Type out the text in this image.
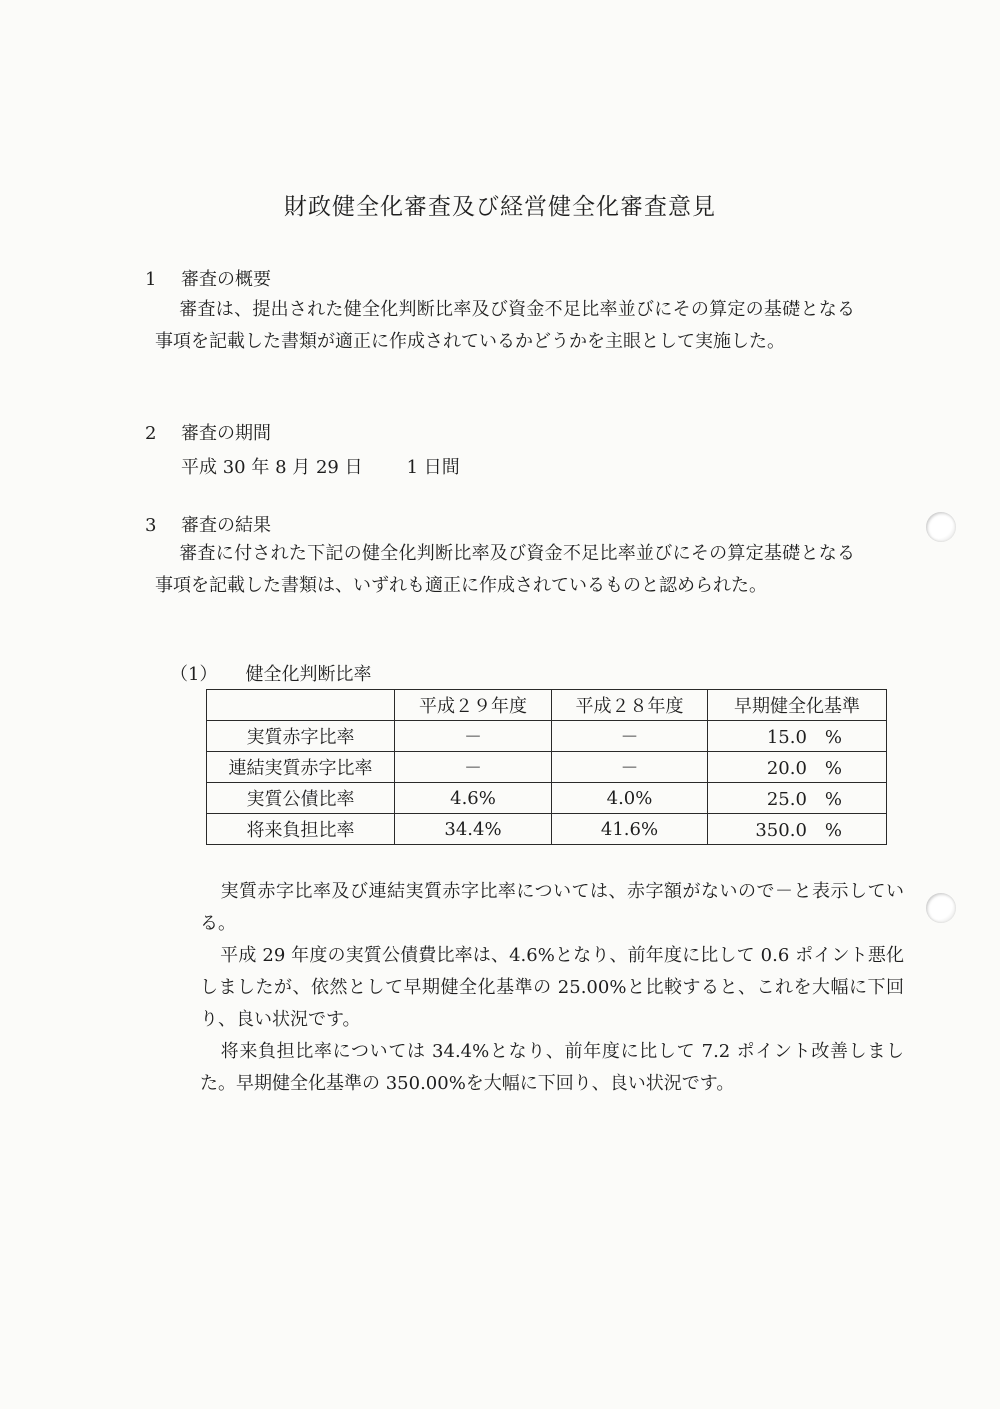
財政健全化審査及び経営健全化審査意見
1 審査の概要
審査は、提出された健全化判断比率及び資金不足比率並びにその算定の基礎となる事項を記載した書類が適正に作成されているかどうかを主眼として実施した。
2 審査の期間
平成 30 年 8 月 29 日 1 日間
3 審査の結果
審査に付された下記の健全化判断比率及び資金不足比率並びにその算定基礎となる事項を記載した書類は、いずれも適正に作成されているものと認められた。
（1） 健全化判断比率
	平成２９年度	平成２８年度	早期健全化基準
実質赤字比率	－	－	15.0　%
連結実質赤字比率	－	－	20.0　%
実質公債比率	4.6%	4.0%	25.0　%
将来負担比率	34.4%	41.6%	350.0　%

実質赤字比率及び連結実質赤字比率については、赤字額がないので－と表示している。

平成 29 年度の実質公債費比率は、4.6%となり、前年度に比して 0.6 ポイント悪化しましたが、依然として早期健全化基準の 25.00%と比較すると、これを大幅に下回り、良い状況です。

将来負担比率については 34.4%となり、前年度に比して 7.2 ポイント改善しました。早期健全化基準の 350.00%を大幅に下回り、良い状況です。
